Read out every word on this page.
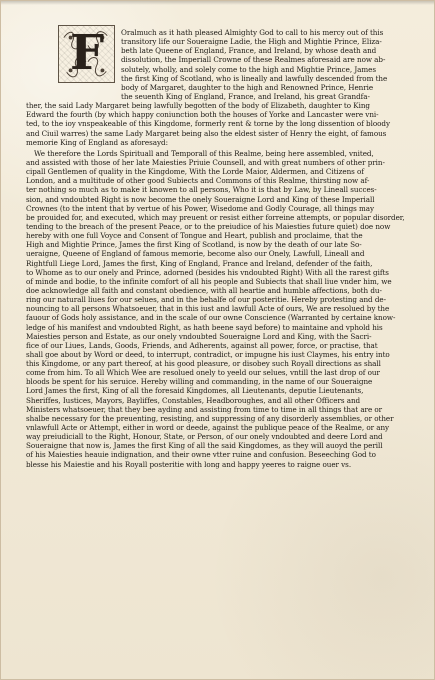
F	Oralmuch as it hath pleased Almighty God to call to his mercy out of this
transitory life our Soueraigne Ladie, the High and Mightie Prince, Eliza-
beth late Queene of England, France, and Ireland, by whose death and
dissolution, the Imperiall Crowne of these Realmes aforesaid are now ab-
solutely, wholly, and solely come to the high and Mightie Prince, James
the first King of Scotland, who is lineally and lawfully descended from the
body of Margaret, daughter to the high and Renowned Prince, Henrie
the seuenth King of England, France, and Ireland, his great Grandfa-
ther, the said Lady Margaret being lawfully begotten of the body of Elizabeth, daughter to King
Edward the fourth (by which happy coniunction both the houses of Yorke and Lancaster were vni-
ted, to the ioy vnspeakeable of this Kingdome, formerly rent & torne by the long dissention of bloody
and Ciuil warres) the same Lady Margaret being also the eldest sister of Henry the eight, of famous
memorie King of England as aforesayd:
We therefore the Lords Spirituall and Temporall of this Realme, being here assembled, vnited,
and assisted with those of her late Maiesties Priuie Counsell, and with great numbers of other prin-
cipall Gentlemen of quality in the Kingdome, With the Lorde Maior, Aldermen, and Citizens of
London, and a multitude of other good Subiects and Commons of this Realme, thirsting now af-
ter nothing so much as to make it knowen to all persons, Who it is that by Law, by Lineall succes-
sion, and vndoubted Right is now become the onely Soueraigne Lord and King of these Imperiall
Crownes (to the intent that by vertue of his Power, Wisedome and Godly Courage, all things may
be prouided for, and executed, which may preuent or resist either forreine attempts, or popular disorder,
tending to the breach of the present Peace, or to the preiudice of his Maiesties future quiet) doe now
hereby with one full Voyce and Consent of Tongue and Heart, publish and proclaime, that the
High and Mightie Prince, James the first King of Scotland, is now by the death of our late So-
ueraigne, Queene of England of famous memorie, become also our Onely, Lawfull, Lineall and
Rightfull Liege Lord, James the first, King of England, France and Ireland, defender of the faith,
to Whome as to our onely and Prince, adorned (besides his vndoubted Right) With all the rarest gifts
of minde and bodie, to the infinite comfort of all his people and Subiects that shall liue vnder him, we
doe acknowledge all faith and constant obedience, with all heartie and humble affections, both du-
ring our naturall liues for our selues, and in the behalfe of our posteritie. Hereby protesting and de-
nouncing to all persons Whatsoeuer, that in this iust and lawfull Acte of ours, We are resolued by the
fauour of Gods holy assistance, and in the scale of our owne Conscience (Warranted by certaine know-
ledge of his manifest and vndoubted Right, as hath beene sayd before) to maintaine and vphold his
Maiesties person and Estate, as our onely vndoubted Soueraigne Lord and King, with the Sacri-
fice of our Liues, Lands, Goods, Friends, and Adherents, against all power, force, or practise, that
shall goe about by Word or deed, to interrupt, contradict, or impugne his iust Claymes, his entry into
this Kingdome, or any part thereof, at his good pleasure, or disobey such Royall directions as shall
come from him. To all Which Wee are resolued onely to yeeld our selues, vntill the last drop of our
bloods be spent for his seruice. Hereby willing and commanding, in the name of our Soueraigne
Lord James the first, King of all the foresaid Kingdomes, all Lieutenants, deputie Lieutenants,
Sheriffes, Iustices, Mayors, Bayliffes, Constables, Headboroughes, and all other Officers and
Ministers whatsoeuer, that they bee ayding and assisting from time to time in all things that are or
shalbe necessary for the preuenting, resisting, and suppressing of any disorderly assemblies, or other
vnlawfull Acte or Attempt, either in word or deede, against the publique peace of the Realme, or any
way preiudiciall to the Right, Honour, State, or Person, of our onely vndoubted and deere Lord and
Soueraigne that now is, James the first King of all the said Kingdomes, as they will auoyd the perill
of his Maiesties heauie indignation, and their owne vtter ruine and confusion. Beseeching God to
blesse his Maiestie and his Royall posteritie with long and happy yeeres to raigne ouer vs.
